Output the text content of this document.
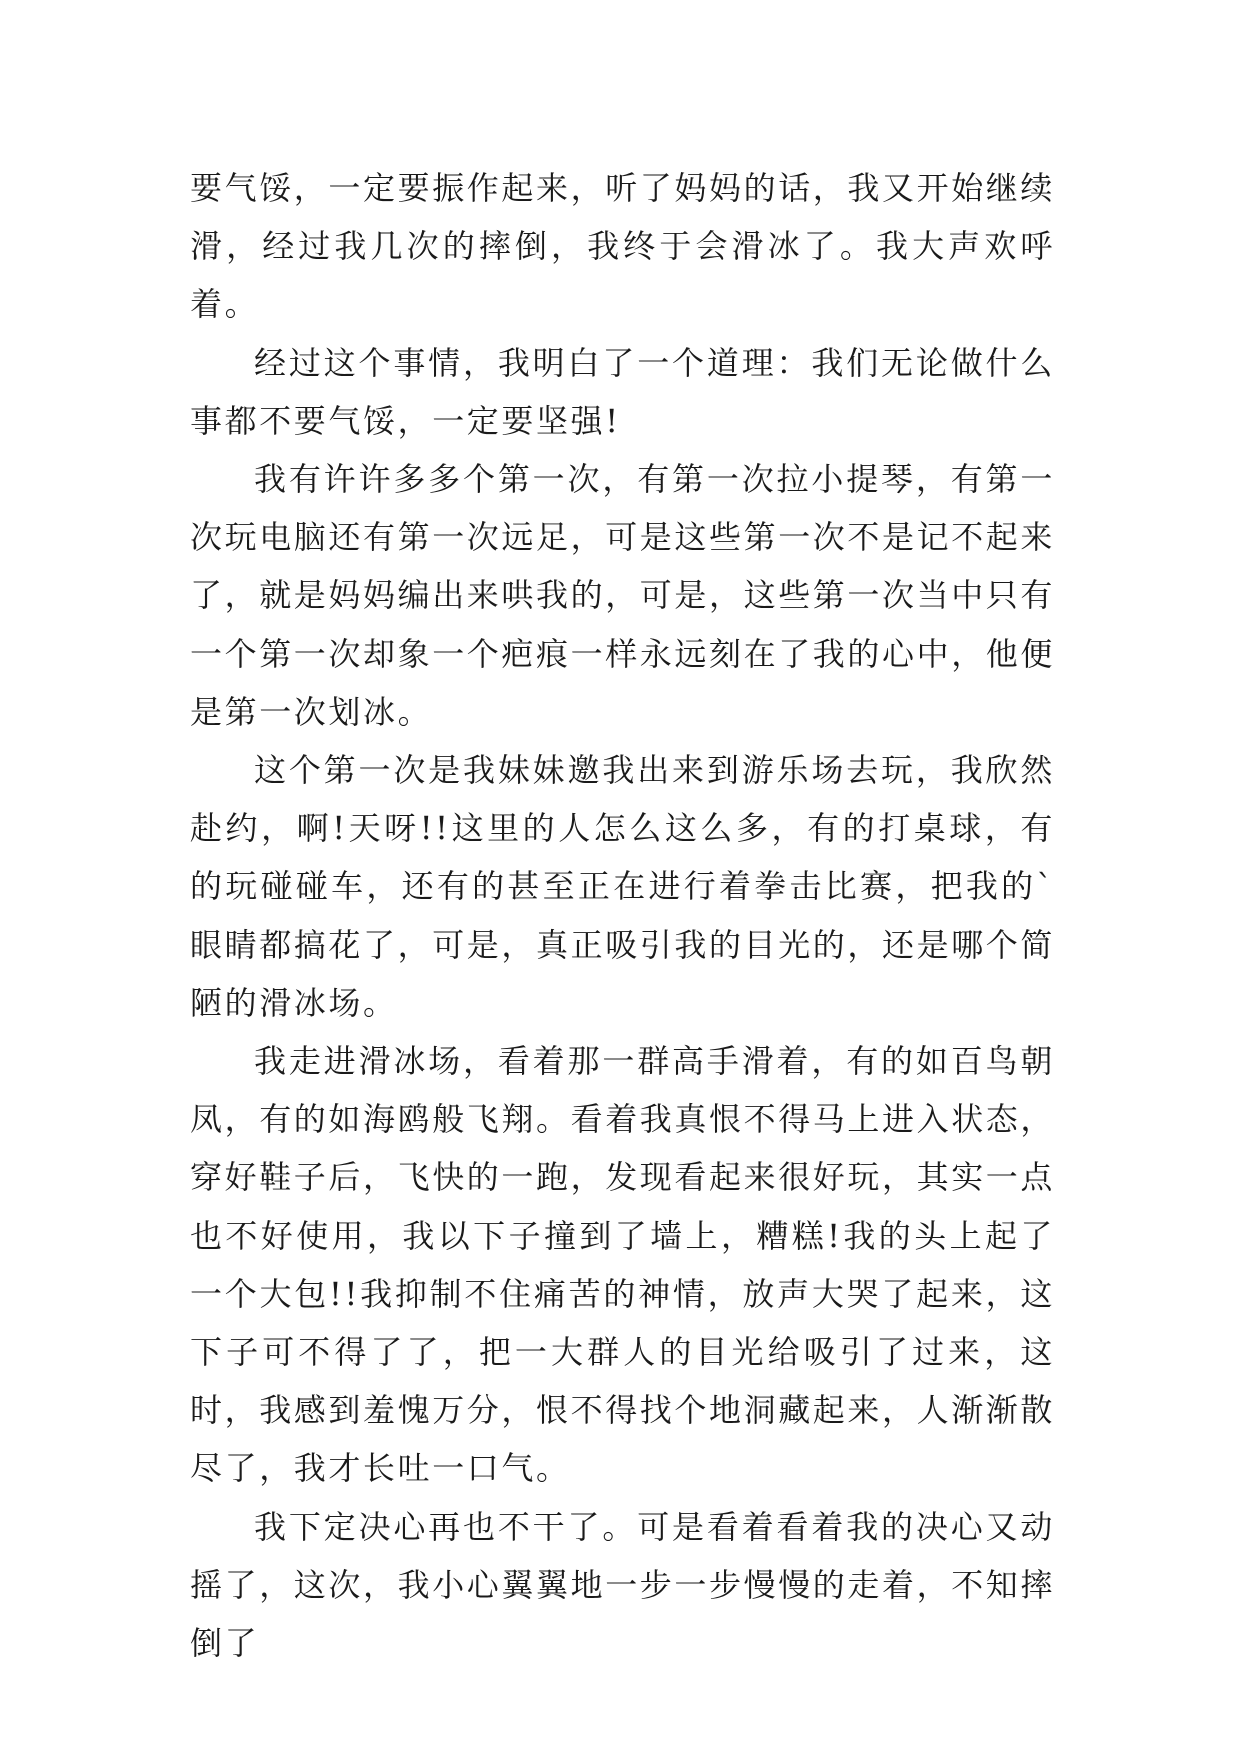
要气馁，一定要振作起来，听了妈妈的话，我又开始继续滑，经过我几次的摔倒，我终于会滑冰了。我大声欢呼着。

经过这个事情，我明白了一个道理：我们无论做什么事都不要气馁，一定要坚强!

我有许许多多个第一次，有第一次拉小提琴，有第一次玩电脑还有第一次远足，可是这些第一次不是记不起来了，就是妈妈编出来哄我的，可是，这些第一次当中只有一个第一次却象一个疤痕一样永远刻在了我的心中，他便是第一次划冰。

这个第一次是我妹妹邀我出来到游乐场去玩，我欣然赴约，啊!天呀!!这里的人怎么这么多，有的打桌球，有的玩碰碰车，还有的甚至正在进行着拳击比赛，把我的`眼睛都搞花了，可是，真正吸引我的目光的，还是哪个简陋的滑冰场。

我走进滑冰场，看着那一群高手滑着，有的如百鸟朝凤，有的如海鸥般飞翔。看着我真恨不得马上进入状态，穿好鞋子后，飞快的一跑，发现看起来很好玩，其实一点也不好使用，我以下子撞到了墙上，糟糕!我的头上起了一个大包!!我抑制不住痛苦的神情，放声大哭了起来，这下子可不得了了，把一大群人的目光给吸引了过来，这时，我感到羞愧万分，恨不得找个地洞藏起来，人渐渐散尽了，我才长吐一口气。

我下定决心再也不干了。可是看着看着我的决心又动摇了，这次，我小心翼翼地一步一步慢慢的走着，不知摔倒了
